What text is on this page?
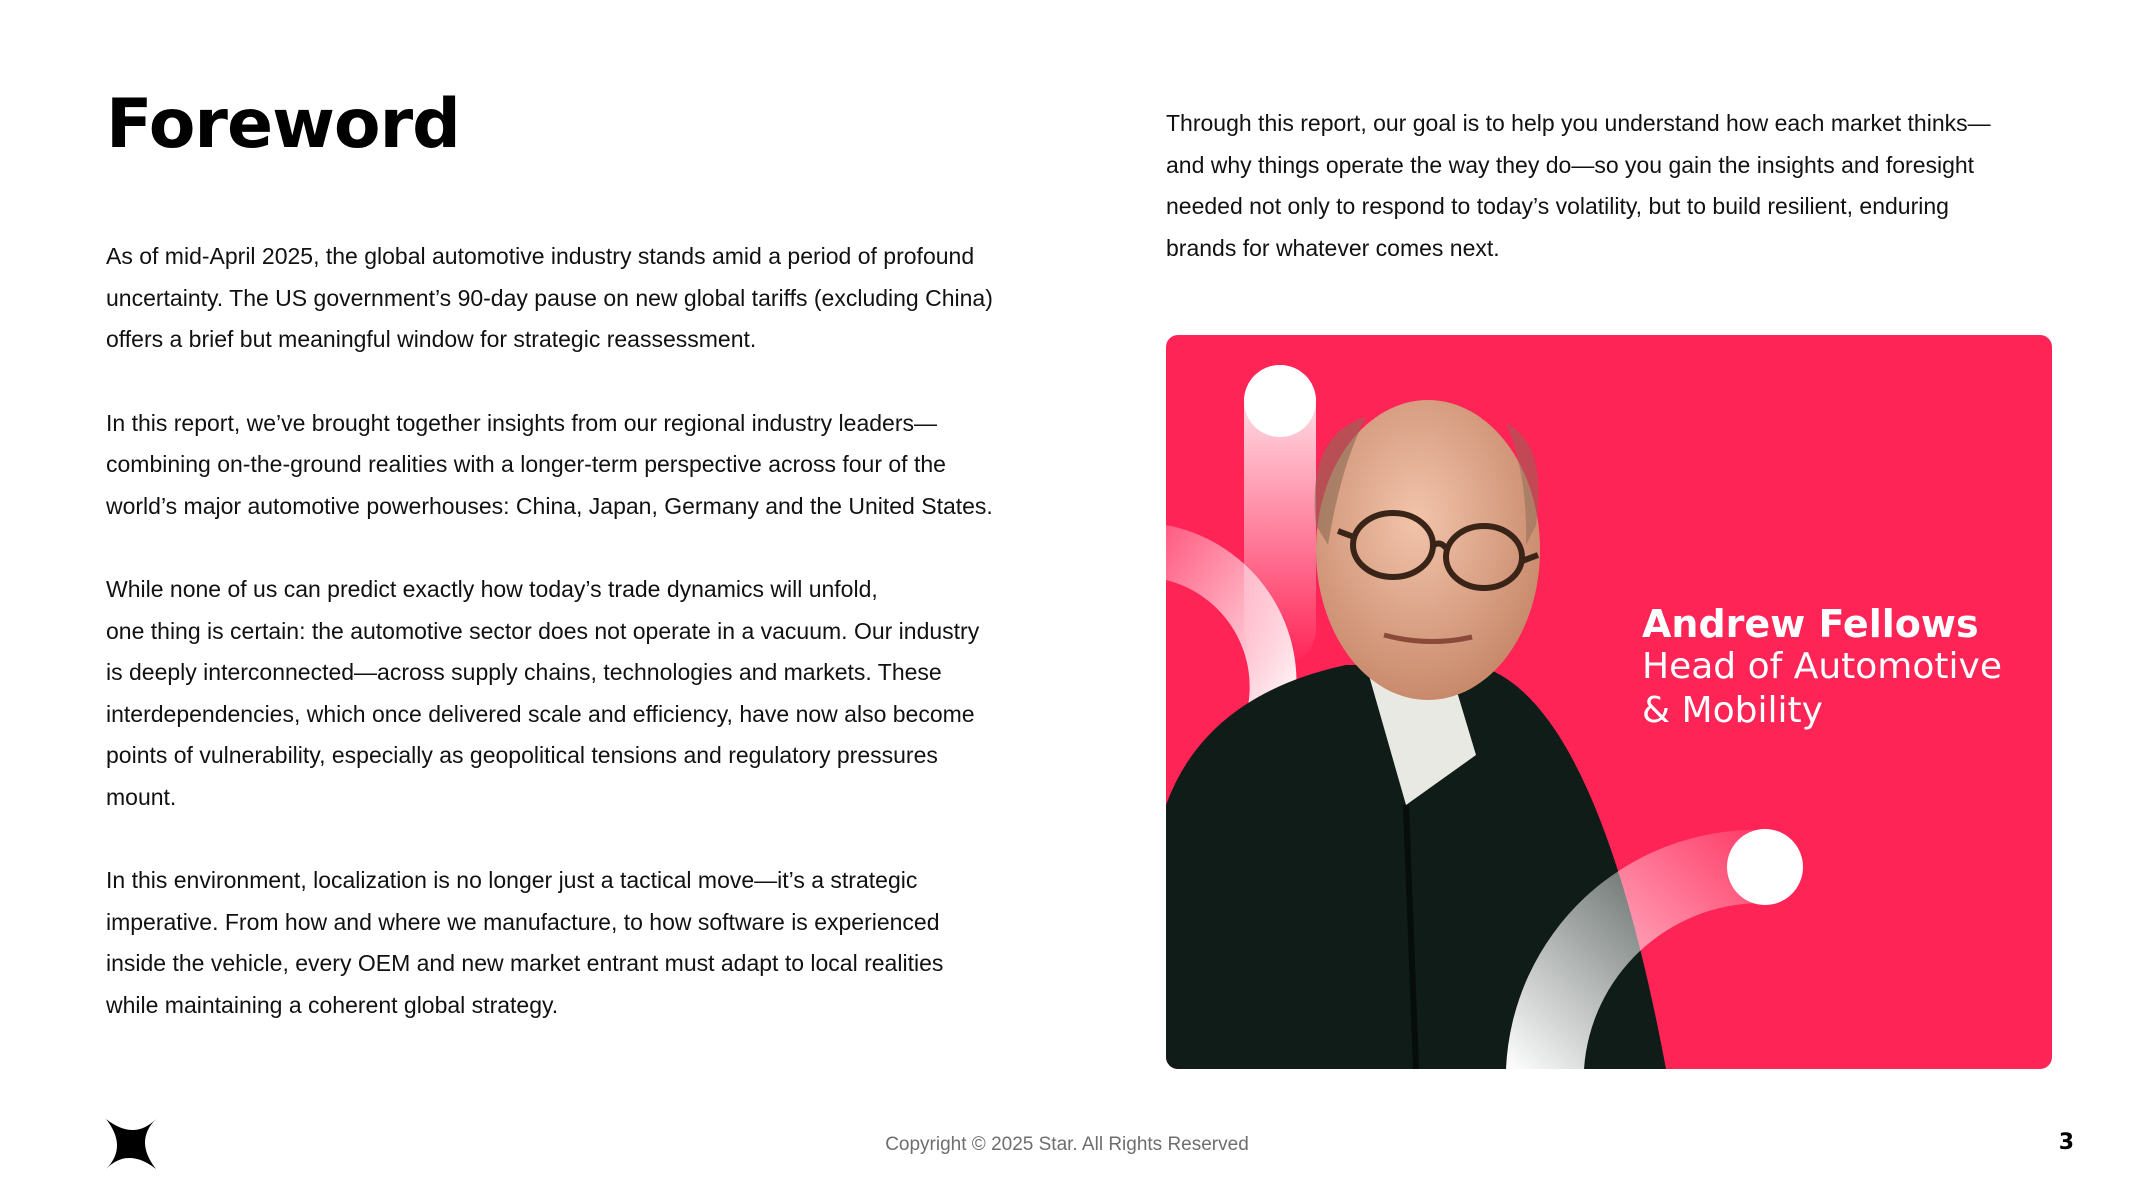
Foreword

As of mid-April 2025, the global automotive industry stands amid a period of profound
uncertainty. The US government’s 90-day pause on new global tariffs (excluding China)
offers a brief but meaningful window for strategic reassessment.

In this report, we’ve brought together insights from our regional industry leaders—
combining on-the-ground realities with a longer-term perspective across four of the
world’s major automotive powerhouses: China, Japan, Germany and the United States.

While none of us can predict exactly how today’s trade dynamics will unfold,
one thing is certain: the automotive sector does not operate in a vacuum. Our industry
is deeply interconnected—across supply chains, technologies and markets. These
interdependencies, which once delivered scale and efficiency, have now also become
points of vulnerability, especially as geopolitical tensions and regulatory pressures
mount.

In this environment, localization is no longer just a tactical move—it’s a strategic
imperative. From how and where we manufacture, to how software is experienced
inside the vehicle, every OEM and new market entrant must adapt to local realities
while maintaining a coherent global strategy.

Through this report, our goal is to help you understand how each market thinks—
and why things operate the way they do—so you gain the insights and foresight
needed not only to respond to today’s volatility, but to build resilient, enduring
brands for whatever comes next.

Andrew Fellows

Head of Automotive
& Mobility

Copyright © 2025 Star. All Rights Reserved	3
